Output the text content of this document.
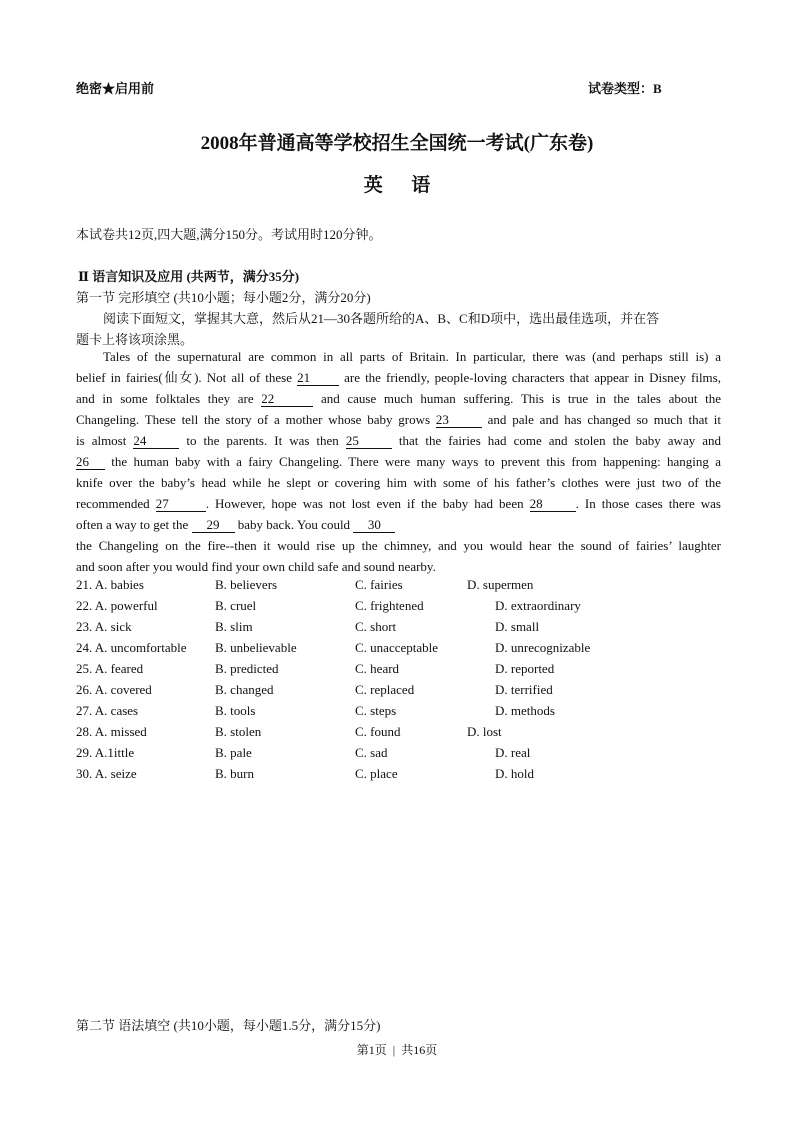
绝密★启用前	试卷类型：B
2008年普通高等学校招生全国统一考试(广东卷)
英      语
本试卷共12页,四大题,满分150分。考试用时120分钟。
Ⅱ 语言知识及应用 (共两节，满分35分)
第一节 完形填空 (共10小题；每小题2分，满分20分)
阅读下面短文，掌握其大意，然后从21—30各题所给的A、B、C和D项中，选出最佳选项，并在答
题卡上将该项涂黑。
Tales of the supernatural are common in all parts of Britain. In particular, there was (and perhaps still is) a
belief in fairies(仙女). Not all of these 21 are the friendly, people-loving characters that appear in Disney films,
and in some folktales they are 22	and cause much human suffering. This is true in the tales about the
Changeling. These tell the story of a mother whose baby grows 23	and pale and has changed so much that it
is almost 24	to the parents. It was then 25	that the fairies had come and stolen the baby away and
26 the human baby with a fairy Changeling. There were many ways to prevent this from happening: hanging a
knife over the baby’s head while he slept or covering him with some of his father’s clothes were just two of the
recommended 27	. However, hope was not lost even if the baby had been 28	. In those cases there was
often a way to get the 29 baby back. You could 30
the Changeling on the fire--then it would rise up the chimney, and you would hear the sound of fairies’ laughter
and soon after you would find your own child safe and sound nearby.
21. A. babies	B. believers	C. fairies	D. supermen
22. A. powerful	B. cruel	C. frightened	D. extraordinary
23. A. sick	B. slim	C. short	D. small
24. A. uncomfortable B. unbelievable	C. unacceptable	D. unrecognizable
25. A. feared	B. predicted	C. heard	D. reported
26. A. covered	B. changed	C. replaced	D. terrified
27. A. cases	B. tools	C. steps	D. methods
28. A. missed	B. stolen	C. found	D. lost
29. A.1ittle	B. pale	C. sad	D. real
30. A. seize	B. burn	C. place	D. hold
第二节 语法填空 (共10小题，每小题1.5分，满分15分)
第1页  |  共16页
